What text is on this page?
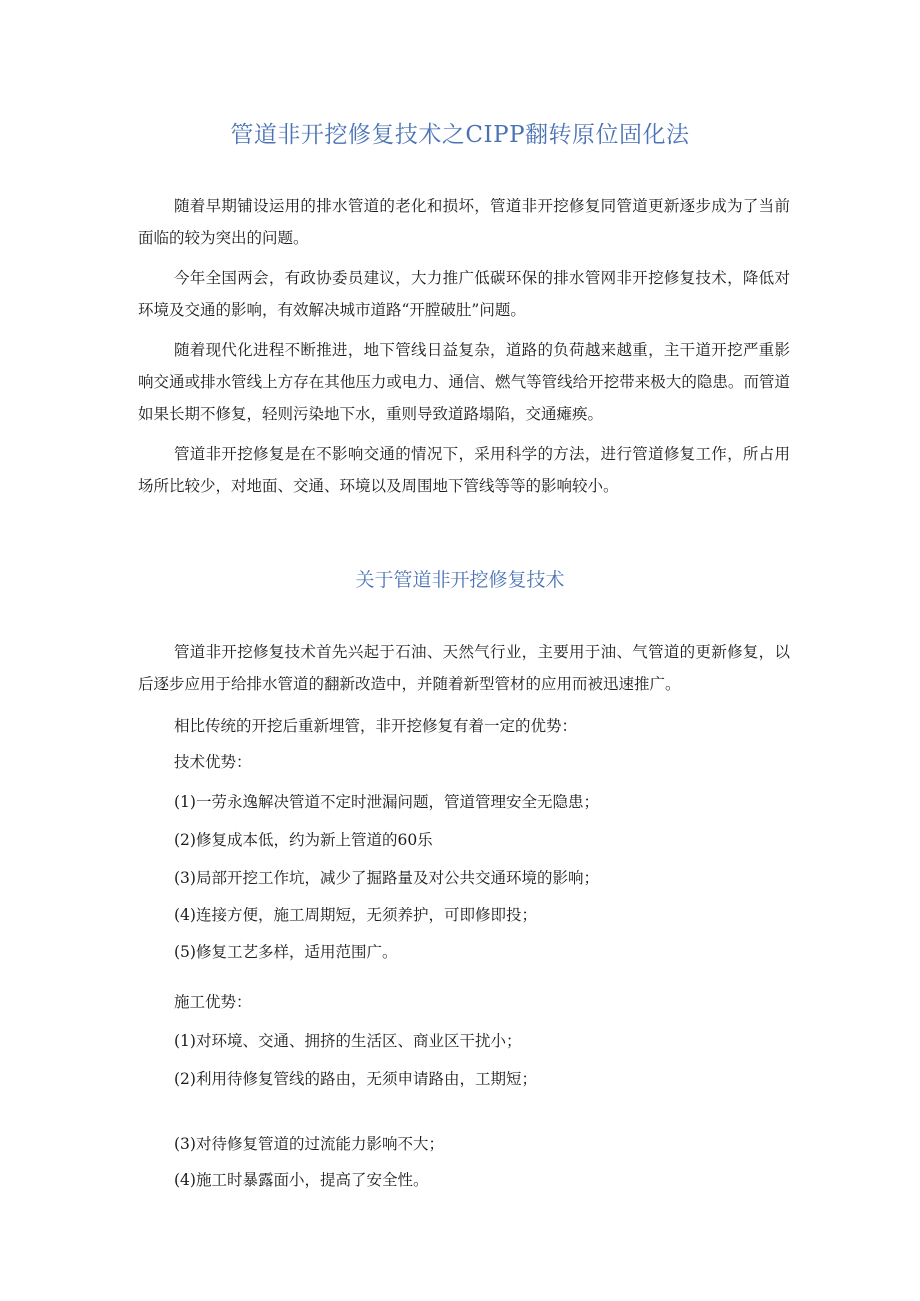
管道非开挖修复技术之CIPP翻转原位固化法

随着早期铺设运用的排水管道的老化和损坏，管道非开挖修复同管道更新逐步成为了当前面临的较为突出的问题。

今年全国两会，有政协委员建议，大力推广低碳环保的排水管网非开挖修复技术，降低对环境及交通的影响，有效解决城市道路“开膛破肚”问题。

随着现代化进程不断推进，地下管线日益复杂，道路的负荷越来越重，主干道开挖严重影响交通或排水管线上方存在其他压力或电力、通信、燃气等管线给开挖带来极大的隐患。而管道如果长期不修复，轻则污染地下水，重则导致道路塌陷，交通瘫痪。

管道非开挖修复是在不影响交通的情况下，采用科学的方法，进行管道修复工作，所占用场所比较少，对地面、交通、环境以及周围地下管线等等的影响较小。

关于管道非开挖修复技术

管道非开挖修复技术首先兴起于石油、天然气行业，主要用于油、气管道的更新修复，以后逐步应用于给排水管道的翻新改造中，并随着新型管材的应用而被迅速推广。

相比传统的开挖后重新埋管，非开挖修复有着一定的优势：

技术优势：

(1)一劳永逸解决管道不定时泄漏问题，管道管理安全无隐患；

(2)修复成本低，约为新上管道的60乐

(3)局部开挖工作坑，减少了掘路量及对公共交通环境的影响；

(4)连接方便，施工周期短，无须养护，可即修即投；

(5)修复工艺多样，适用范围广。

施工优势：

(1)对环境、交通、拥挤的生活区、商业区干扰小；

(2)利用待修复管线的路由，无须申请路由，工期短；

(3)对待修复管道的过流能力影响不大；

(4)施工时暴露面小，提高了安全性。
